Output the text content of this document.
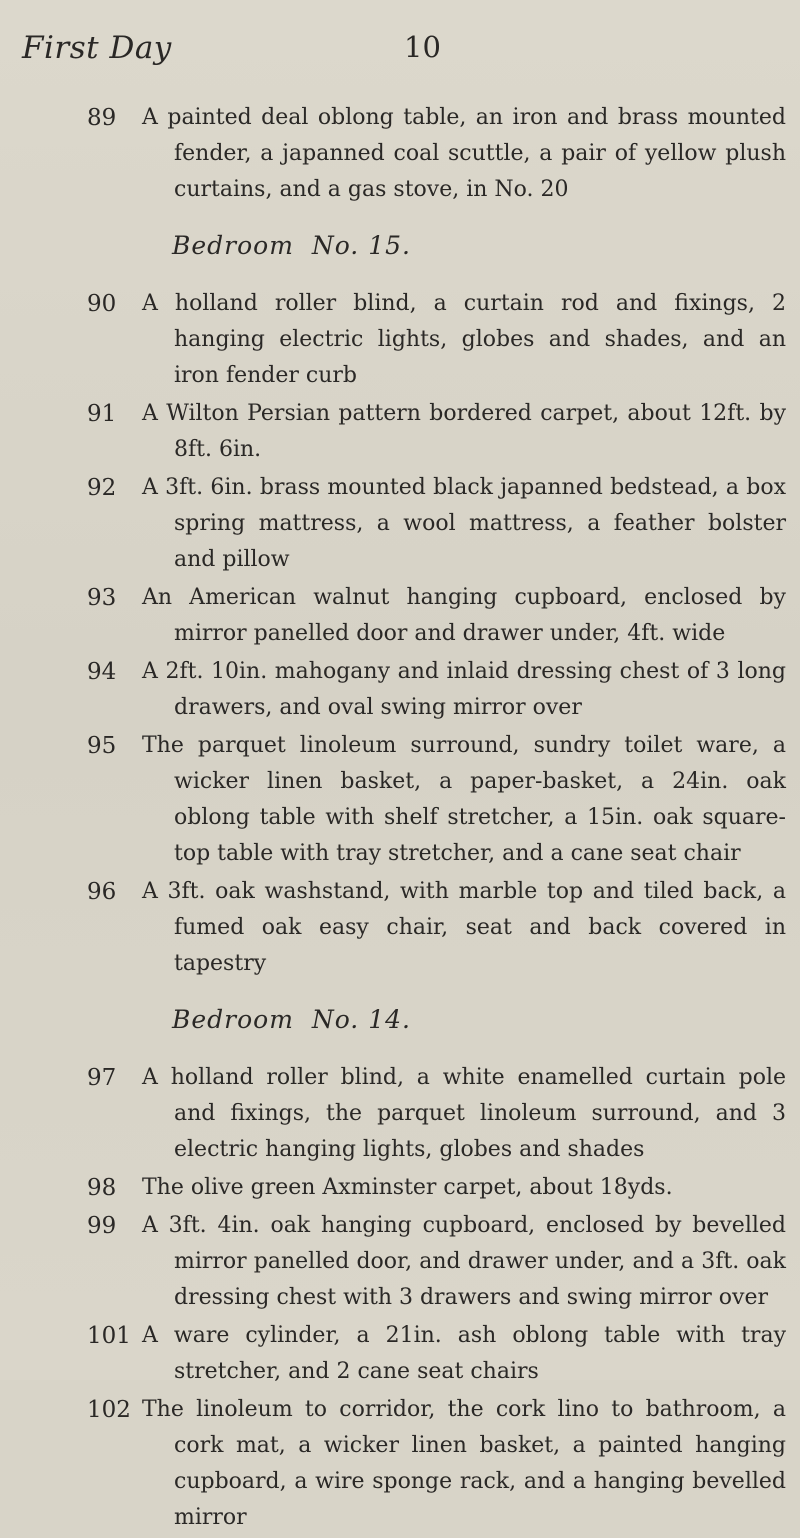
First Day	10
89	A painted deal oblong table, an iron and brass mounted fender, a japanned coal scuttle, a pair of yellow plush curtains, and a gas stove, in No. 20
Bedroom  No. 15.
90	A holland roller blind, a curtain rod and fixings, 2 hanging electric lights, globes and shades, and an iron fender curb
91	A Wilton Persian pattern bordered carpet, about 12ft. by 8ft. 6in.
92	A 3ft. 6in. brass mounted black japanned bedstead, a box spring mattress, a wool mattress, a feather bolster and pillow
93	An American walnut hanging cupboard, enclosed by mirror panelled door and drawer under, 4ft. wide
94	A 2ft. 10in. mahogany and inlaid dressing chest of 3 long drawers, and oval swing mirror over
95	The parquet linoleum surround, sundry toilet ware, a wicker linen basket, a paper-basket, a 24in. oak oblong table with shelf stretcher, a 15in. oak square-top table with tray stretcher, and a cane seat chair
96	A 3ft. oak washstand, with marble top and tiled back, a fumed oak easy chair, seat and back covered in tapestry
Bedroom  No. 14.
97	A holland roller blind, a white enamelled curtain pole and fixings, the parquet linoleum surround, and 3 electric hanging lights, globes and shades
98	The olive green Axminster carpet, about 18yds.
99	A 3ft. 4in. oak hanging cupboard, enclosed by bevelled mirror panelled door, and drawer under, and a 3ft. oak dressing chest with 3 drawers and swing mirror over
101 A ware cylinder, a 21in. ash oblong table with tray stretcher, and 2 cane seat chairs
102 The linoleum to corridor, the cork lino to bathroom, a cork mat, a wicker linen basket, a painted hanging cupboard, a wire sponge rack, and a hanging bevelled mirror
